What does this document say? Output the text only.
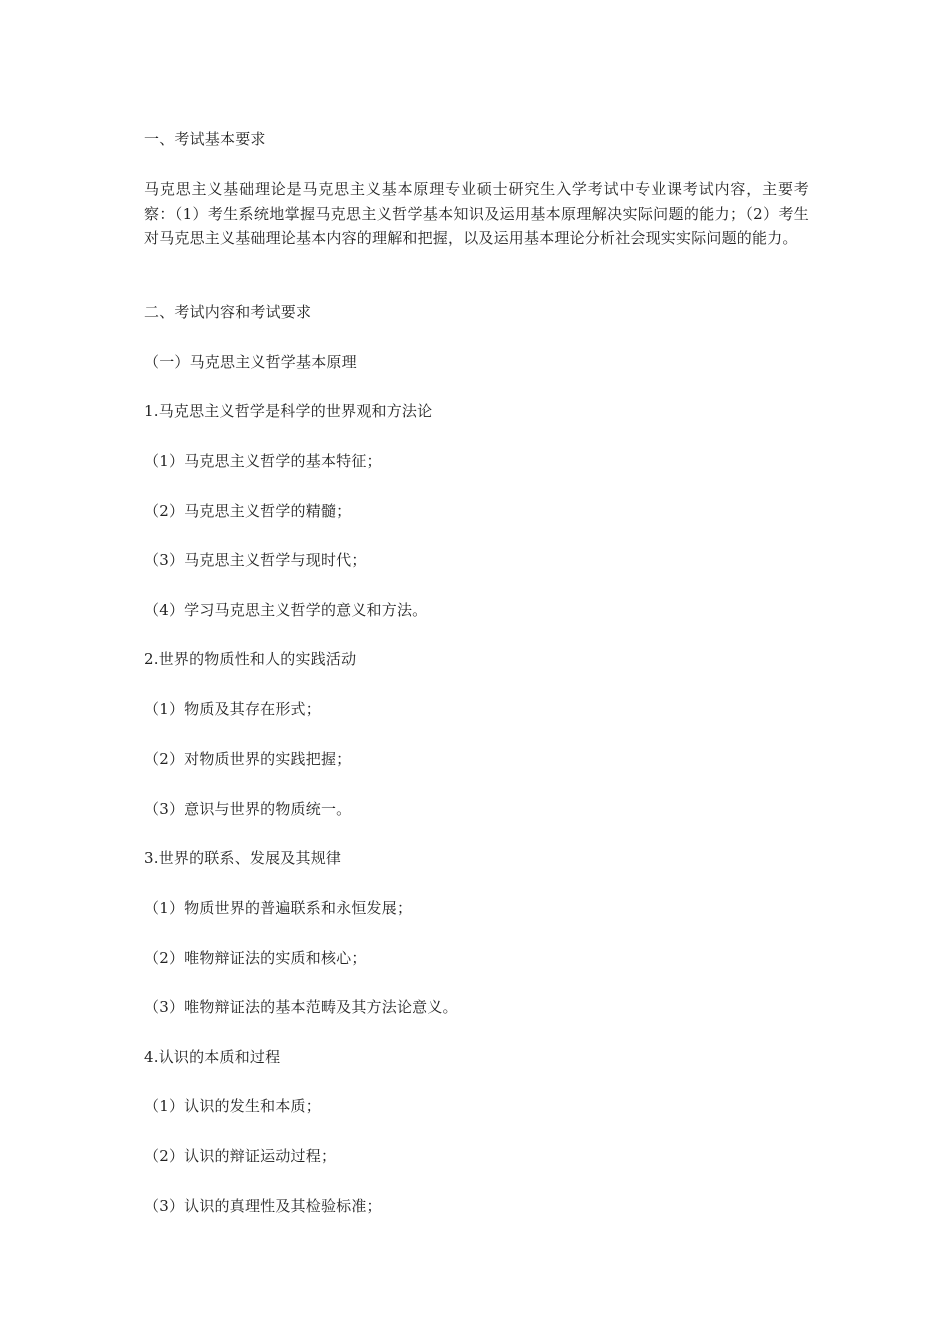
一、考试基本要求
马克思主义基础理论是马克思主义基本原理专业硕士研究生入学考试中专业课考试内容，主要考察：（1）考生系统地掌握马克思主义哲学基本知识及运用基本原理解决实际问题的能力；（2）考生对马克思主义基础理论基本内容的理解和把握，以及运用基本理论分析社会现实实际问题的能力。
二、考试内容和考试要求
（一）马克思主义哲学基本原理
1.马克思主义哲学是科学的世界观和方法论
（1）马克思主义哲学的基本特征；
（2）马克思主义哲学的精髓；
（3）马克思主义哲学与现时代；
（4）学习马克思主义哲学的意义和方法。
2.世界的物质性和人的实践活动
（1）物质及其存在形式；
（2）对物质世界的实践把握；
（3）意识与世界的物质统一。
3.世界的联系、发展及其规律
（1）物质世界的普遍联系和永恒发展；
（2）唯物辩证法的实质和核心；
（3）唯物辩证法的基本范畴及其方法论意义。
4.认识的本质和过程
（1）认识的发生和本质；
（2）认识的辩证运动过程；
（3）认识的真理性及其检验标准；
